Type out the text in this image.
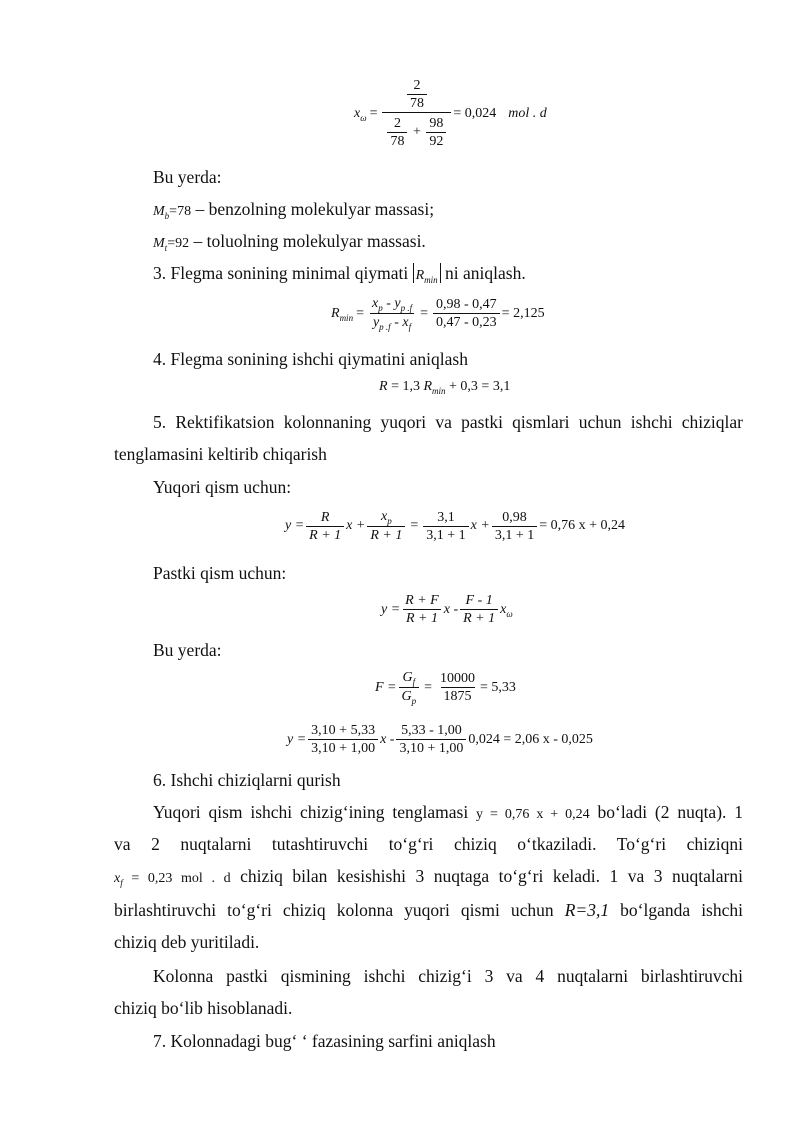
x $\omega = \frac{\frac{2}{78}}{\frac{2}{78} + \frac{98}{92}} = 0,024$ mol . d
Bu yerda:
$M_b=78$ – benzolning molekulyar massasi;
$M_t=92$ – toluolning molekulyar massasi.
3. Flegma sonining minimal qiymati $R_{min}$ ni aniqlash.
R $\min = \frac{x_p - y_{p .f}}{y_{p .f} - x_f} = \frac{0,98 - 0,47}{0,47 - 0,23} = 2,125$
4. Flegma sonining ishchi qiymatini aniqlash
R = 1,3 $R_{min} + 0,3 = 3,1$
5. Rektifikatsion kolonnaning yuqori va pastki qismlari uchun ishchi chiziqlar
tenglamasini keltirib chiqarish
Yuqori qism uchun:
$y = \frac{R}{R + 1}$ $x + \frac{x_p}{R + 1} = \frac{3,1}{3,1 + 1}$ $x + \frac{0,98}{3,1 + 1} = 0,76$ x + 0,24
Pastki qism uchun:
$y = \frac{R + F}{R + 1}$ x - $\frac{F - 1}{R + 1}$ x ω
Bu yerda:
$F = \frac{G_f}{G_p} = \frac{10000}{1875} = 5,33$
$y = \frac{3,10 + 5,33}{3,10 + 1,00}$ $x - \frac{5,33 - 1,00}{3,10 + 1,00} 0,024 = 2,06$ x - 0,025
6. Ishchi chiziqlarni qurish
Yuqori qism ishchi chizig‘ining tenglamasi y = 0,76 x + 0,24 bo‘ladi (2 nuqta). 1
va 2 nuqtalarni tutashtiruvchi to‘g‘ri chiziq o‘tkaziladi. To‘g‘ri chiziqni
$x_f = 0,23$ mol . d chiziq bilan kesishishi 3 nuqtaga to‘g‘ri keladi. 1 va 3 nuqtalarni
birlashtiruvchi to‘g‘ri chiziq kolonna yuqori qismi uchun R=3,1 bo‘lganda ishchi
chiziq deb yuritiladi.
Kolonna pastki qismining ishchi chizig‘i 3 va 4 nuqtalarni birlashtiruvchi
chiziq bo‘lib hisoblanadi.
7. Kolonnadagi bug‘ ‘ fazasining sarfini aniqlash
